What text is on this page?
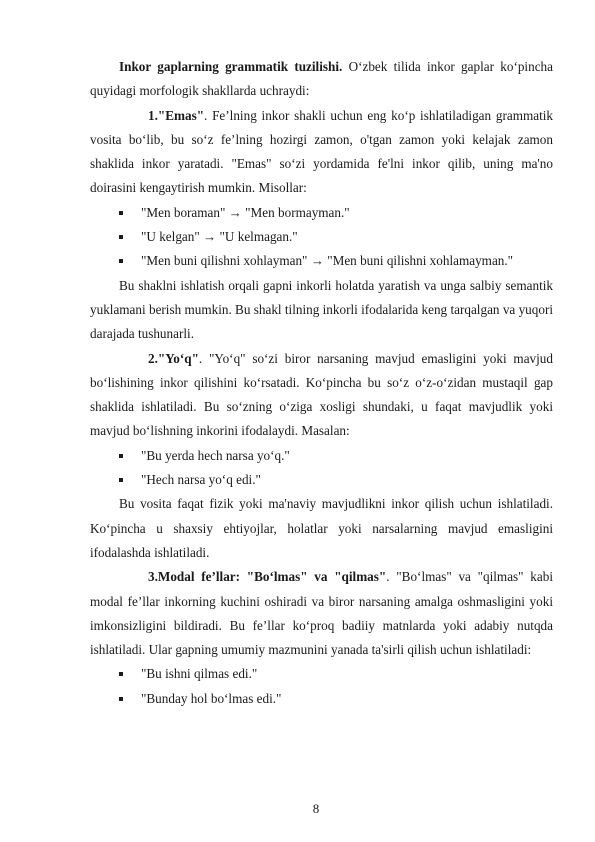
Inkor gaplarning grammatik tuzilishi. O‘zbek tilida inkor gaplar ko‘pincha quyidagi morfologik shakllarda uchraydi:

1."Emas". Fe’lning inkor shakli uchun eng ko‘p ishlatiladigan grammatik vosita bo‘lib, bu so‘z fe’lning hozirgi zamon, o'tgan zamon yoki kelajak zamon shaklida inkor yaratadi. "Emas" so‘zi yordamida fe'lni inkor qilib, uning ma'no doirasini kengaytirish mumkin. Misollar:

"Men boraman" → "Men bormayman."
"U kelgan" → "U kelmagan."
"Men buni qilishni xohlayman" → "Men buni qilishni xohlamayman."

Bu shaklni ishlatish orqali gapni inkorli holatda yaratish va unga salbiy semantik yuklamani berish mumkin. Bu shakl tilning inkorli ifodalarida keng tarqalgan va yuqori darajada tushunarli.

2."Yo‘q". "Yo‘q" so‘zi biror narsaning mavjud emasligini yoki mavjud bo‘lishining inkor qilishini ko‘rsatadi. Ko‘pincha bu so‘z o‘z-o‘zidan mustaqil gap shaklida ishlatiladi. Bu so‘zning o‘ziga xosligi shundaki, u faqat mavjudlik yoki mavjud bo‘lishning inkorini ifodalaydi. Masalan:

"Bu yerda hech narsa yo‘q."
"Hech narsa yo‘q edi."

Bu vosita faqat fizik yoki ma'naviy mavjudlikni inkor qilish uchun ishlatiladi. Ko‘pincha u shaxsiy ehtiyojlar, holatlar yoki narsalarning mavjud emasligini ifodalashda ishlatiladi.

3.Modal fe’llar: "Bo‘lmas" va "qilmas". "Bo‘lmas" va "qilmas" kabi modal fe’llar inkorning kuchini oshiradi va biror narsaning amalga oshmasligini yoki imkonsizligini bildiradi. Bu fe’llar ko‘proq badiiy matnlarda yoki adabiy nutqda ishlatiladi. Ular gapning umumiy mazmunini yanada ta'sirli qilish uchun ishlatiladi:

"Bu ishni qilmas edi."
"Bunday hol bo‘lmas edi."
8
